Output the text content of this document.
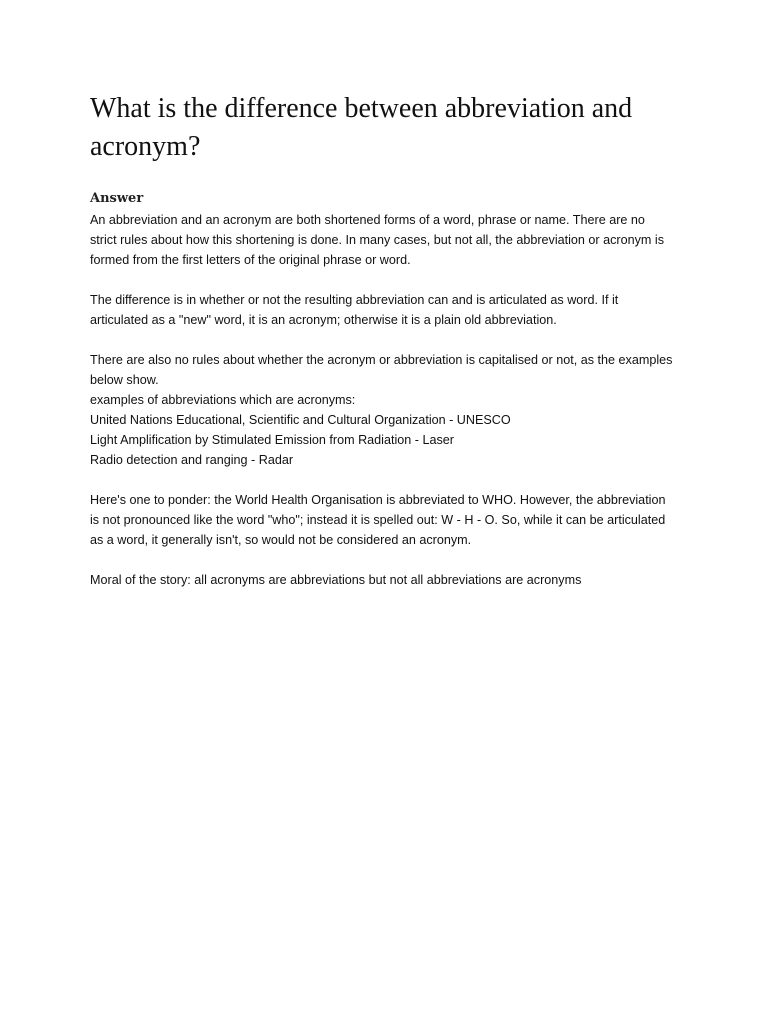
What is the difference between abbreviation and
acronym?
Answer

An abbreviation and an acronym are both shortened forms of a word, phrase or name. There are no
strict rules about how this shortening is done. In many cases, but not all, the abbreviation or acronym is
formed from the first letters of the original phrase or word.

The difference is in whether or not the resulting abbreviation can and is articulated as word. If it
articulated as a "new" word, it is an acronym; otherwise it is a plain old abbreviation.

There are also no rules about whether the acronym or abbreviation is capitalised or not, as the examples
below show.
examples of abbreviations which are acronyms:
United Nations Educational, Scientific and Cultural Organization - UNESCO
Light Amplification by Stimulated Emission from Radiation - Laser
Radio detection and ranging - Radar

Here's one to ponder: the World Health Organisation is abbreviated to WHO. However, the abbreviation
is not pronounced like the word "who"; instead it is spelled out: W - H - O. So, while it can be articulated
as a word, it generally isn't, so would not be considered an acronym.

Moral of the story: all acronyms are abbreviations but not all abbreviations are acronyms
